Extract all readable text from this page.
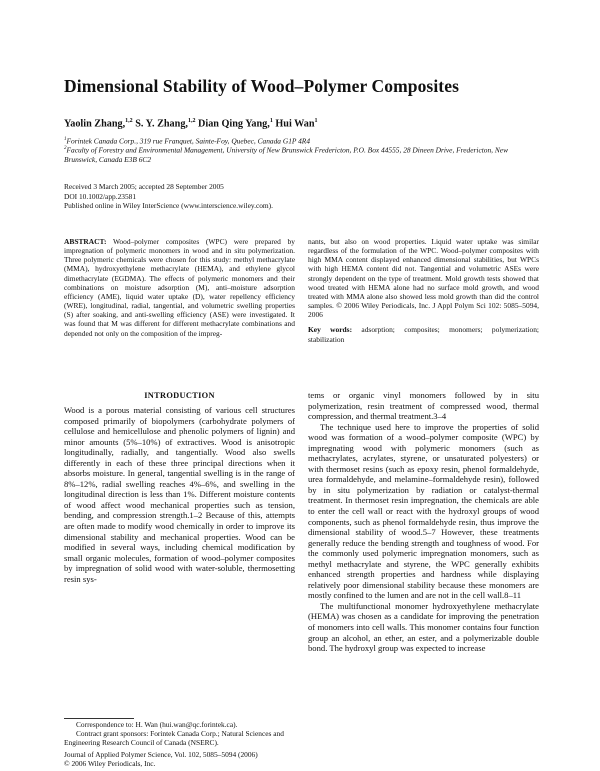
Dimensional Stability of Wood–Polymer Composites
Yaolin Zhang,$^{1,2}$ S. Y. Zhang,$^{1,2}$ Dian Qing Yang,$^1$ Hui Wan$^1$
$^1$Forintek Canada Corp., 319 rue Franquet, Sainte-Foy, Quebec, Canada G1P 4R4
$^2$Faculty of Forestry and Environmental Management, University of New Brunswick Fredericton, P.O. Box 44555, 28 Dineen Drive, Fredericton, New Brunswick, Canada E3B 6C2
Received 3 March 2005; accepted 28 September 2005
DOI 10.1002/app.23581
Published online in Wiley InterScience (www.interscience.wiley.com).
ABSTRACT: Wood–polymer composites (WPC) were prepared by impregnation of polymeric monomers in wood and in situ polymerization. Three polymeric chemicals were chosen for this study: methyl methacrylate (MMA), hydroxyethylene methacrylate (HEMA), and ethylene glycol dimethacrylate (EGDMA). The effects of polymeric monomers and their combinations on moisture adsorption (M), anti–moisture adsorption efficiency (AME), liquid water uptake (D), water repellency efficiency (WRE), longitudinal, radial, tangential, and volumetric swelling properties (S) after soaking, and anti-swelling efficiency (ASE) were investigated. It was found that M was different for different methacrylate combinations and depended not only on the composition of the impreg-
nants, but also on wood properties. Liquid water uptake was similar regardless of the formulation of the WPC. Wood–polymer composites with high MMA content displayed enhanced dimensional stabilities, but WPCs with high HEMA content did not. Tangential and volumetric ASEs were strongly dependent on the type of treatment. Mold growth tests showed that wood treated with HEMA alone had no surface mold growth, and wood treated with MMA alone also showed less mold growth than did the control samples. © 2006 Wiley Periodicals, Inc. J Appl Polym Sci 102: 5085–5094, 2006
Key words: adsorption; composites; monomers; polymerization; stabilization
INTRODUCTION

Wood is a porous material consisting of various cell structures composed primarily of biopolymers (carbohydrate polymers of cellulose and hemicellulose and phenolic polymers of lignin) and minor amounts (5%–10%) of extractives. Wood is anisotropic longitudinally, radially, and tangentially. Wood also swells differently in each of these three principal directions when it absorbs moisture. In general, tangential swelling is in the range of 8%–12%, radial swelling reaches 4%–6%, and swelling in the longitudinal direction is less than 1%. Different moisture contents of wood affect wood mechanical properties such as tension, bending, and compression strength.1–2 Because of this, attempts are often made to modify wood chemically in order to improve its dimensional stability and mechanical properties. Wood can be modified in several ways, including chemical modification by small organic molecules, formation of wood–polymer composites by impregnation of solid wood with water-soluble, thermosetting resin sys-

tems or organic vinyl monomers followed by in situ polymerization, resin treatment of compressed wood, thermal compression, and thermal treatment.3–4

The technique used here to improve the properties of solid wood was formation of a wood–polymer composite (WPC) by impregnating wood with polymeric monomers (such as methacrylates, acrylates, styrene, or unsaturated polyesters) or with thermoset resins (such as epoxy resin, phenol formaldehyde, urea formaldehyde, and melamine–formaldehyde resin), followed by in situ polymerization by radiation or catalyst-thermal treatment. In thermoset resin impregnation, the chemicals are able to enter the cell wall or react with the hydroxyl groups of wood components, such as phenol formaldehyde resin, thus improve the dimensional stability of wood.5–7 However, these treatments generally reduce the bending strength and toughness of wood. For the commonly used polymeric impregnation monomers, such as methyl methacrylate and styrene, the WPC generally exhibits enhanced strength properties and hardness while displaying relatively poor dimensional stability because these monomers are mostly confined to the lumen and are not in the cell wall.8–11

The multifunctional monomer hydroxyethylene methacrylate (HEMA) was chosen as a candidate for improving the penetration of monomers into cell walls. This monomer contains four function group an alcohol, an ether, an ester, and a polymerizable double bond. The hydroxyl group was expected to increase

Correspondence to: H. Wan (hui.wan@qc.forintek.ca).

Contract grant sponsors: Forintek Canada Corp.; Natural Sciences and Engineering Research Council of Canada (NSERC).

Journal of Applied Polymer Science, Vol. 102, 5085–5094 (2006)
© 2006 Wiley Periodicals, Inc.
